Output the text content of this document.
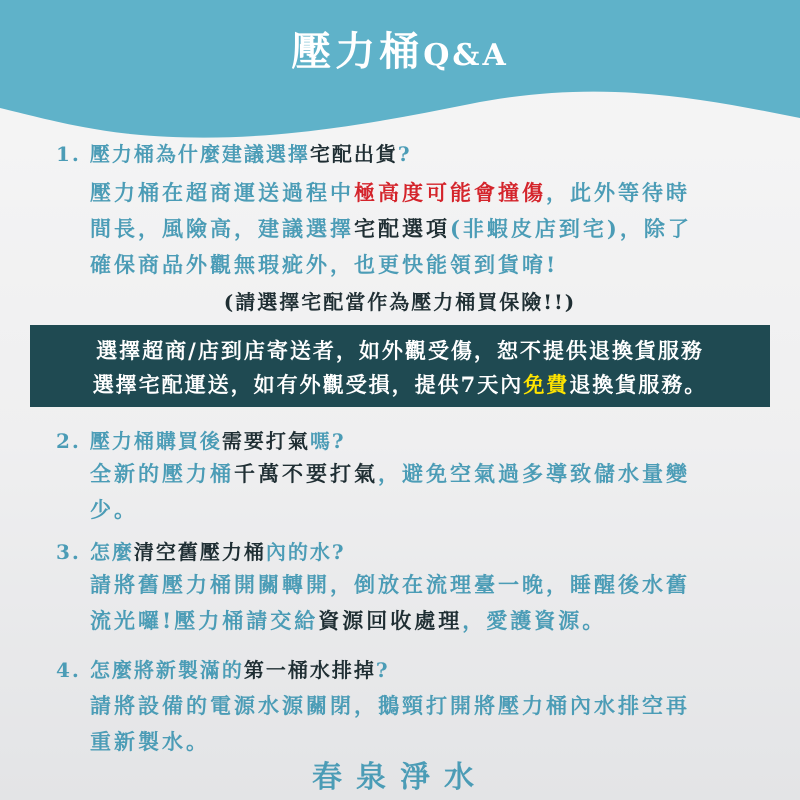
壓力桶Q&A
1. 壓力桶為什麼建議選擇宅配出貨?
壓力桶在超商運送過程中極高度可能會撞傷，此外等待時
間長，風險高，建議選擇宅配選項(非蝦皮店到宅)，除了
確保商品外觀無瑕疵外，也更快能領到貨唷!
(請選擇宅配當作為壓力桶買保險!!)
選擇超商/店到店寄送者，如外觀受傷，恕不提供退換貨服務
選擇宅配運送，如有外觀受損，提供7天內免費退換貨服務。
2. 壓力桶購買後需要打氣嗎?
全新的壓力桶千萬不要打氣，避免空氣過多導致儲水量變
少。
3. 怎麼清空舊壓力桶內的水?
請將舊壓力桶開關轉開，倒放在流理臺一晚，睡醒後水舊
流光囉!壓力桶請交給資源回收處理，愛護資源。
4. 怎麼將新製滿的第一桶水排掉?
請將設備的電源水源關閉，鵝頸打開將壓力桶內水排空再
重新製水。
春泉淨水
